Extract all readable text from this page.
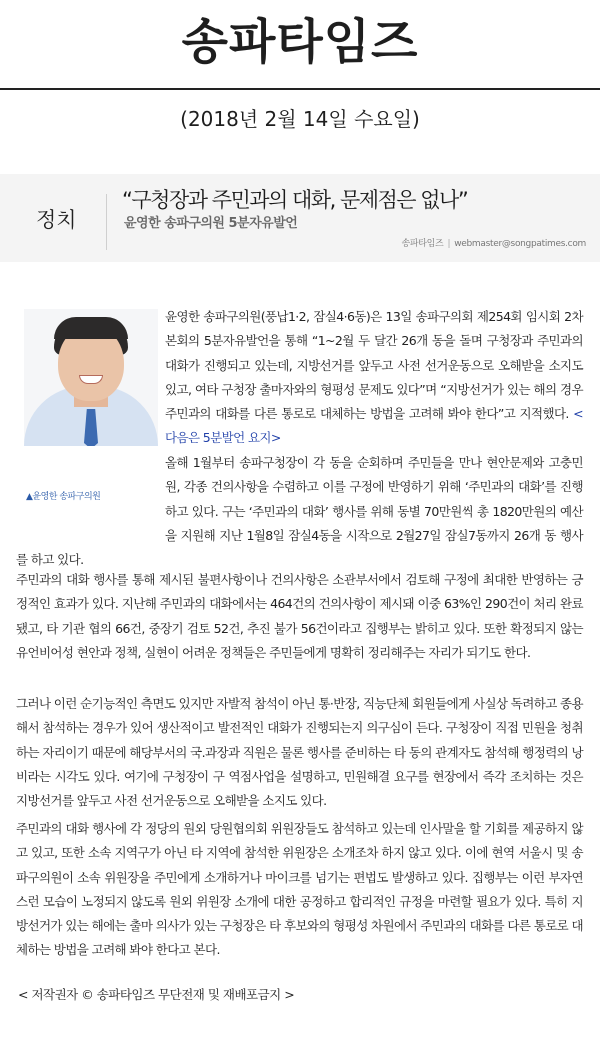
송파타임즈
(2018년 2월 14일 수요일)
정치
“구청장과 주민과의 대화, 문제점은 없나”
윤영한 송파구의원 5분자유발언
송파타임즈 | webmaster@songpatimes.com
▲윤영한 송파구의원
윤영한 송파구의원(풍납1·2, 잠실4·6동)은 13일 송파구의회 제254회 임시회 2차 본회의 5분자유발언을 통해 “1~2월 두 달간 26개 동을 돌며 구청장과 주민과의 대화가 진행되고 있는데, 지방선거를 앞두고 사전 선거운동으로 오해받을 소지도 있고, 여타 구청장 출마자와의 형평성 문제도 있다”며 “지방선거가 있는 해의 경우 주민과의 대화를 다른 통로로 대체하는 방법을 고려해 봐야 한다”고 지적했다. <다음은 5분발언 요지>
올해 1월부터 송파구청장이 각 동을 순회하며 주민들을 만나 현안문제와 고충민원, 각종 건의사항을 수렴하고 이를 구정에 반영하기 위해 ‘주민과의 대화’를 진행하고 있다. 구는 ‘주민과의 대화’ 행사를 위해 동별 70만원씩 총 1820만원의 예산을 지원해 지난 1월8일 잠실4동을 시작으로 2월27일 잠실7동까지 26개 동 행사를 하고 있다.
주민과의 대화 행사를 통해 제시된 불편사항이나 건의사항은 소관부서에서 검토해 구정에 최대한 반영하는 긍정적인 효과가 있다. 지난해 주민과의 대화에서는 464건의 건의사항이 제시돼 이중 63%인 290건이 처리 완료됐고, 타 기관 협의 66건, 중장기 검토 52건, 추진 불가 56건이라고 집행부는 밝히고 있다. 또한 확정되지 않는 유언비어성 현안과 정책, 실현이 어려운 정책들은 주민들에게 명확히 정리해주는 자리가 되기도 한다.
그러나 이런 순기능적인 측면도 있지만 자발적 참석이 아닌 통·반장, 직능단체 회원들에게 사실상 독려하고 종용해서 참석하는 경우가 있어 생산적이고 발전적인 대화가 진행되는지 의구심이 든다. 구청장이 직접 민원을 청취하는 자리이기 때문에 해당부서의 국.과장과 직원은 물론 행사를 준비하는 타 동의 관계자도 참석해 행정력의 낭비라는 시각도 있다. 여기에 구청장이 구 역점사업을 설명하고, 민원해결 요구를 현장에서 즉각 조치하는 것은 지방선거를 앞두고 사전 선거운동으로 오해받을 소지도 있다.
주민과의 대화 행사에 각 정당의 원외 당원협의회 위원장들도 참석하고 있는데 인사말을 할 기회를 제공하지 않고 있고, 또한 소속 지역구가 아닌 타 지역에 참석한 위원장은 소개조차 하지 않고 있다. 이에 현역 서울시 및 송파구의원이 소속 위원장을 주민에게 소개하거나 마이크를 넘기는 편법도 발생하고 있다. 집행부는 이런 부자연스런 모습이 노정되지 않도록 원외 위원장 소개에 대한 공정하고 합리적인 규정을 마련할 필요가 있다. 특히 지방선거가 있는 해에는 출마 의사가 있는 구청장은 타 후보와의 형평성 차원에서 주민과의 대화를 다른 통로로 대체하는 방법을 고려해 봐야 한다고 본다.
< 저작권자 © 송파타임즈 무단전재 및 재배포금지 >
